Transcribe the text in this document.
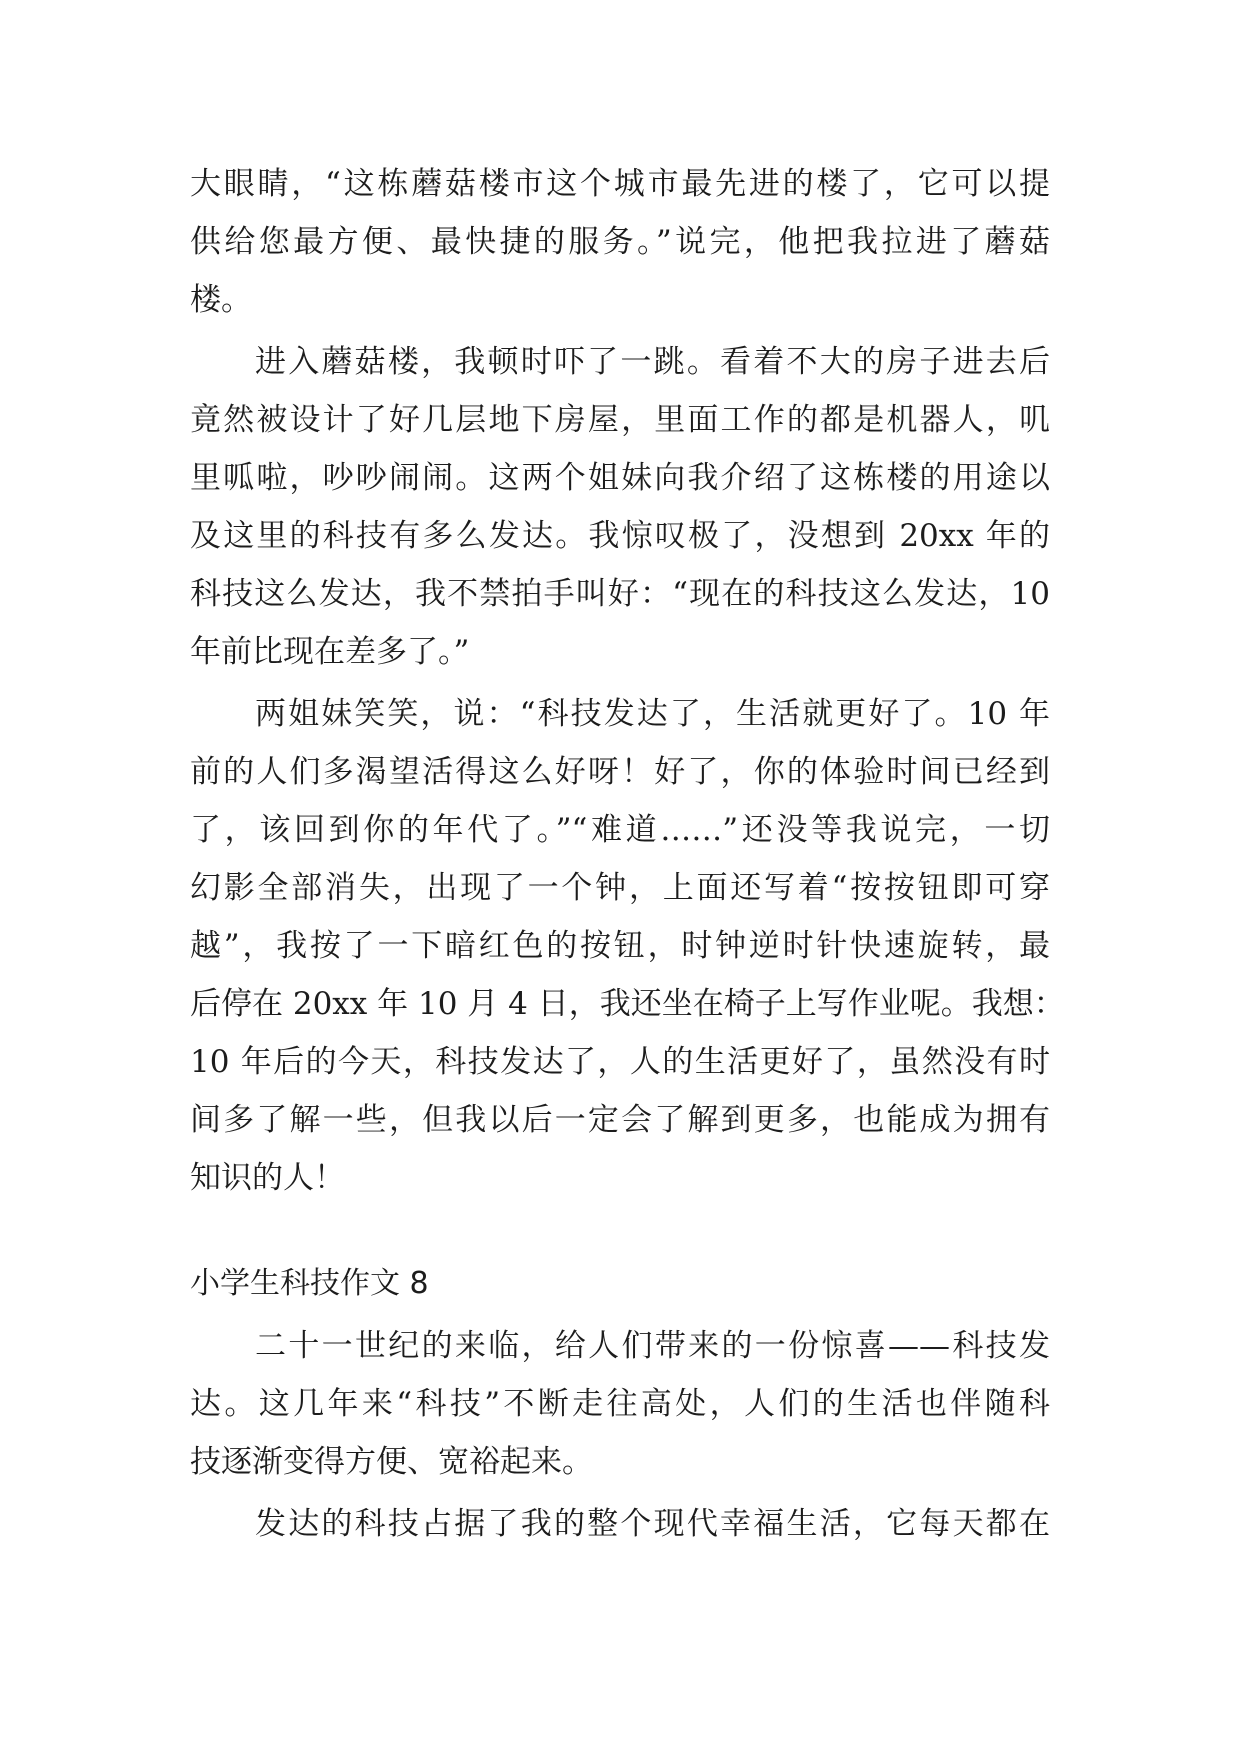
大眼睛，“这栋蘑菇楼市这个城市最先进的楼了，它可以提
供给您最方便、最快捷的服务。”说完，他把我拉进了蘑菇
楼。
进入蘑菇楼，我顿时吓了一跳。看着不大的房子进去后
竟然被设计了好几层地下房屋，里面工作的都是机器人，叽
里呱啦，吵吵闹闹。这两个姐妹向我介绍了这栋楼的用途以
及这里的科技有多么发达。我惊叹极了，没想到 20xx 年的
科技这么发达，我不禁拍手叫好：“现在的科技这么发达，10
年前比现在差多了。”
两姐妹笑笑，说：“科技发达了，生活就更好了。10 年
前的人们多渴望活得这么好呀！好了，你的体验时间已经到
了，该回到你的年代了。”“难道……”还没等我说完，一切
幻影全部消失，出现了一个钟，上面还写着“按按钮即可穿
越”，我按了一下暗红色的按钮，时钟逆时针快速旋转，最
后停在 20xx 年 10 月 4 日，我还坐在椅子上写作业呢。我想：
10 年后的今天，科技发达了，人的生活更好了，虽然没有时
间多了解一些，但我以后一定会了解到更多，也能成为拥有
知识的人！
小学生科技作文 8
二十一世纪的来临，给人们带来的一份惊喜——科技发
达。这几年来“科技”不断走往高处，人们的生活也伴随科
技逐渐变得方便、宽裕起来。
发达的科技占据了我的整个现代幸福生活，它每天都在
